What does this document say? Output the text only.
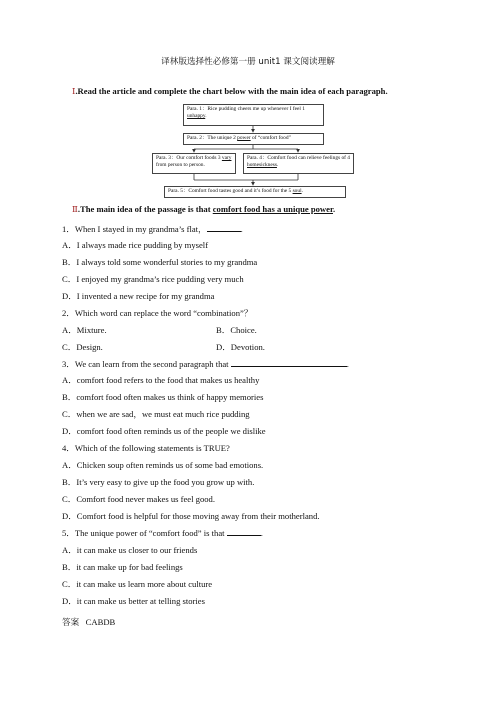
译林版选择性必修第一册 unit1 课文阅读理解
Ⅰ.Read the article and complete the chart below with the main idea of each paragraph.
Para. 1：Rice pudding cheers me up whenever I feel 1 unhappy.
Para. 2：The unique 2 power of “comfort food”
Para. 3：Our comfort foods 3 vary from person to person.
Para. 4：Comfort food can relieve feelings of 4 homesickness.
Para. 5：Comfort food tastes good and it’s food for the 5 soul.
Ⅱ.The main idea of the passage is that comfort food has a unique power.
1．When I stayed in my grandma’s flat，	.
A．I always made rice pudding by myself
B．I always told some wonderful stories to my grandma
C．I enjoyed my grandma’s rice pudding very much
D．I invented a new recipe for my grandma
2．Which word can replace the word “combination”？
A．Mixture.	B．Choice.
C．Design.	D．Devotion.
3．We can learn from the second paragraph that	.
A．comfort food refers to the food that makes us healthy
B．comfort food often makes us think of happy memories
C．when we are sad，we must eat much rice pudding
D．comfort food often reminds us of the people we dislike
4．Which of the following statements is TRUE?
A．Chicken soup often reminds us of some bad emotions.
B．It’s very easy to give up the food you grow up with.
C．Comfort food never makes us feel good.
D．Comfort food is helpful for those moving away from their motherland.
5．The unique power of “comfort food” is that	.
A．it can make us closer to our friends
B．it can make up for bad feelings
C．it can make us learn more about culture
D．it can make us better at telling stories
答案 CABDB
